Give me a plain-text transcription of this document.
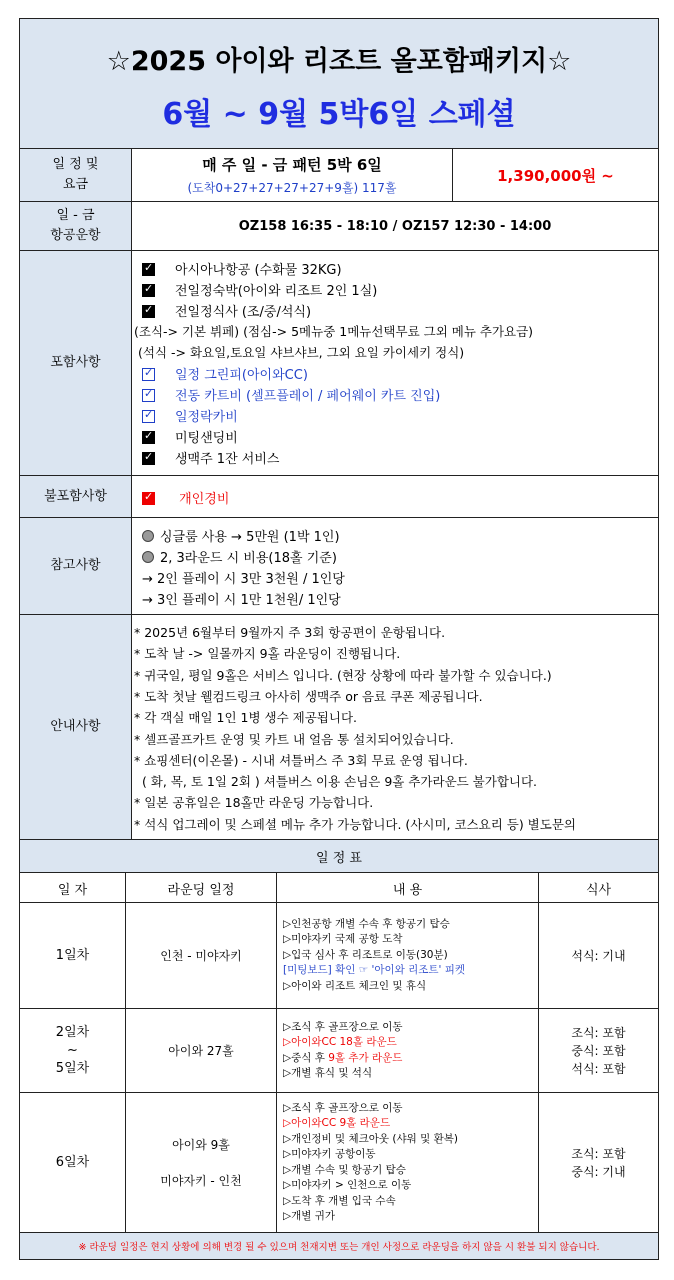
☆2025 아이와 리조트 올포함패키지☆
6월 ~ 9월 5박6일 스페셜
일 정 및
요금
매 주 일 - 금 패턴 5박 6일
(도착0+27+27+27+27+9홀) 117홀
1,390,000원 ~
일 - 금
항공운항
OZ158 16:35 - 18:10 / OZ157 12:30 - 14:00
포함사항
✓아시아나항공 (수화물 32KG)
✓전일정숙박(아이와 리조트 2인 1실)
✓전일정식사 (조/중/석식)
(조식-> 기본 뷔페) (점심-> 5메뉴중 1메뉴선택무료 그외 메뉴 추가요금)
(석식 -> 화요일,토요일 샤브샤브, 그외 요일 카이세키 정식)
✓일정 그린피(아이와CC)
✓전동 카트비 (셀프플레이 / 페어웨이 카트 진입)
✓일정락카비
✓미팅샌딩비
✓생맥주 1잔 서비스
불포함사항
✓	개인경비
참고사항
싱글룸 사용 → 5만원 (1박 1인)
2, 3라운드 시 비용(18홀 기준)
→ 2인 플레이 시 3만 3천원 / 1인당
→ 3인 플레이 시 1만 1천원/ 1인당
안내사항
* 2025년 6월부터 9월까지 주 3회 항공편이 운항됩니다.
* 도착 날 -> 일몰까지 9홀 라운딩이 진행됩니다.
* 귀국일, 평일 9홀은 서비스 입니다. (현장 상황에 따라 불가할 수 있습니다.)
* 도착 첫날 웰컴드링크 아사히 생맥주 or 음료 쿠폰 제공됩니다.
* 각 객실 매일 1인 1병 생수 제공됩니다.
* 셀프골프카트 운영 및 카트 내 얼음 통 설치되어있습니다.
* 쇼핑센터(이온몰) - 시내 셔틀버스 주 3회 무료 운영 됩니다.
( 화, 목, 토 1일 2회 ) 셔틀버스 이용 손님은 9홀 추가라운드 불가합니다.
* 일본 공휴일은 18홀만 라운딩 가능합니다.
* 석식 업그레이 및 스페셜 메뉴 추가 가능합니다. (사시미, 코스요리 등) 별도문의
일 정 표
일 자	라운딩 일정	내 용	식사
1일차	인천 - 미야자키
▷인천공항 개별 수속 후 항공기 탑승
▷미야자키 국제 공항 도착
▷입국 심사 후 리조트로 이동(30분)
[미팅보드] 확인 ☞ '아이와 리조트' 피켓
▷아이와 리조트 체크인 및 휴식
석식: 기내
2일차
~
5일차
아이와 27홀
▷조식 후 골프장으로 이동
▷아이와CC 18홀 라운드
▷중식 후 9홀 추가 라운드
▷개별 휴식 및 석식
조식: 포함
중식: 포함
석식: 포함
6일차
아이와 9홀

미야자키 - 인천
▷조식 후 골프장으로 이동
▷아이와CC 9홀 라운드
▷개인정비 및 체크아웃 (샤워 및 환복)
▷미야자키 공항이동
▷개별 수속 및 항공기 탑승
▷미야자키 > 인천으로 이동
▷도착 후 개별 입국 수속
▷개별 귀가
조식: 포함
중식: 기내
※ 라운딩 일정은 현지 상황에 의해 변경 될 수 있으며 천재지변 또는 개인 사정으로 라운딩을 하지 않을 시 환불 되지 않습니다.
